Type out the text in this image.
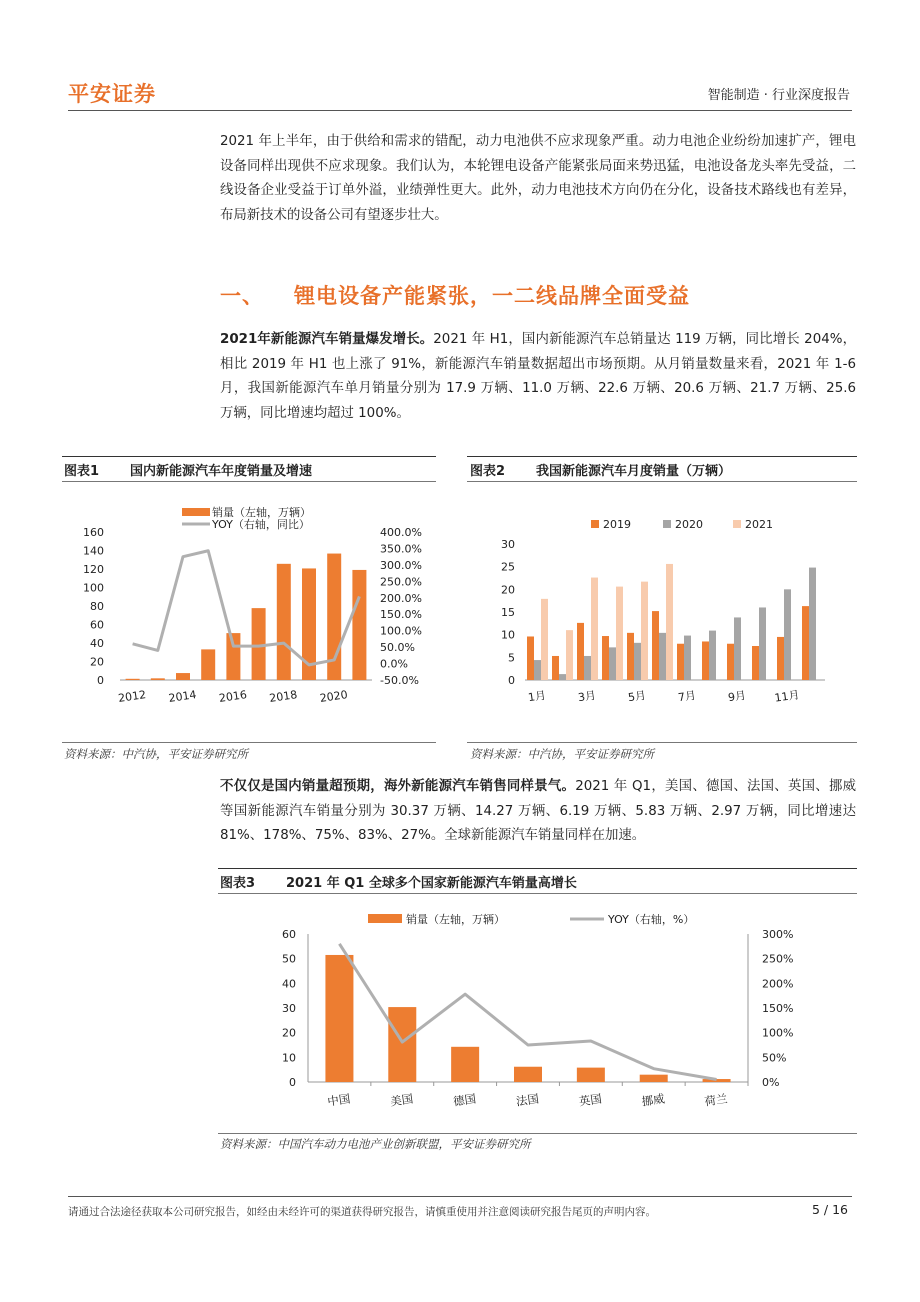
平安证券	智能制造 · 行业深度报告

2021 年上半年，由于供给和需求的错配，动力电池供不应求现象严重。动力电池企业纷纷加速扩产，锂电设备同样出现供不应求现象。我们认为，本轮锂电设备产能紧张局面来势迅猛，电池设备龙头率先受益，二线设备企业受益于订单外溢，业绩弹性更大。此外，动力电池技术方向仍在分化，设备技术路线也有差异，布局新技术的设备公司有望逐步壮大。

一、 锂电设备产能紧张，一二线品牌全面受益

2021年新能源汽车销量爆发增长。2021 年 H1，国内新能源汽车总销量达 119 万辆，同比增长 204%，相比 2019 年 H1 也上涨了 91%，新能源汽车销量数据超出市场预期。从月销量数量来看，2021 年 1-6 月，我国新能源汽车单月销量分别为 17.9 万辆、11.0 万辆、22.6 万辆、20.6 万辆、21.7 万辆、25.6 万辆，同比增速均超过 100%。

图表1 国内新能源汽车年度销量及增速
销量（左轴，万辆）
YOY（右轴，同比）
0
20
40
60
80
100
120
140
160
-50.0%
0.0%
50.0%
100.0%
150.0%
200.0%
250.0%
300.0%
350.0%
400.0%
2012 2014 2016 2018 2020
资料来源：中汽协，平安证券研究所
图表2 我国新能源汽车月度销量（万辆）
2019	2020	2021
0
5
10
15
20
25
30
1月	3月	5月	7月	9月 11月
资料来源：中汽协，平安证券研究所

不仅仅是国内销量超预期，海外新能源汽车销售同样景气。2021 年 Q1，美国、德国、法国、英国、挪威等国新能源汽车销量分别为 30.37 万辆、14.27 万辆、6.19 万辆、5.83 万辆、2.97 万辆，同比增速达 81%、178%、75%、83%、27%。全球新能源汽车销量同样在加速。

图表3 2021 年 Q1 全球多个国家新能源汽车销量高增长
销量（左轴，万辆）	YOY（右轴，%）
0
10
20
30
40
50
60
0%
50%
100%
150%
200%
250%
300%
中国	美国	德国	法国	英国	挪威	荷兰
资料来源：中国汽车动力电池产业创新联盟，平安证券研究所
请通过合法途径获取本公司研究报告，如经由未经许可的渠道获得研究报告，请慎重使用并注意阅读研究报告尾页的声明内容。	5 / 16
